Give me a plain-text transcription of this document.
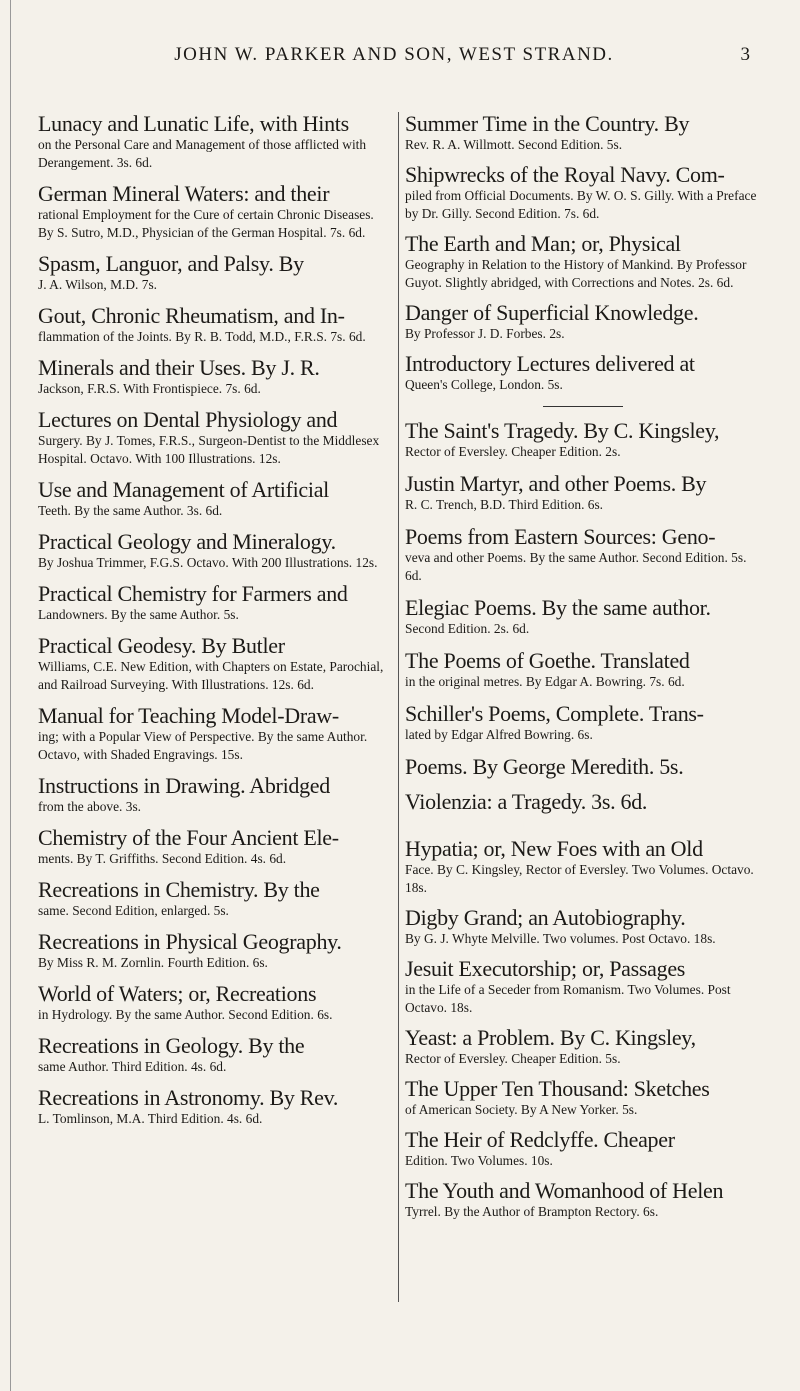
JOHN W. PARKER AND SON, WEST STRAND.	3
Lunacy and Lunatic Life, with Hints
on the Personal Care and Management of those afflicted with Derangement. 3s. 6d.
German Mineral Waters: and their
rational Employment for the Cure of certain Chronic Diseases. By S. Sutro, M.D., Physician of the German Hospital. 7s. 6d.
Spasm, Languor, and Palsy. By
J. A. Wilson, M.D. 7s.
Gout, Chronic Rheumatism, and In-
flammation of the Joints. By R. B. Todd, M.D., F.R.S. 7s. 6d.
Minerals and their Uses. By J. R.
Jackson, F.R.S. With Frontispiece. 7s. 6d.
Lectures on Dental Physiology and
Surgery. By J. Tomes, F.R.S., Surgeon-Dentist to the Middlesex Hospital. Octavo. With 100 Illustrations. 12s.
Use and Management of Artificial
Teeth. By the same Author. 3s. 6d.
Practical Geology and Mineralogy.
By Joshua Trimmer, F.G.S. Octavo. With 200 Illustrations. 12s.
Practical Chemistry for Farmers and
Landowners. By the same Author. 5s.
Practical Geodesy. By Butler
Williams, C.E. New Edition, with Chapters on Estate, Parochial, and Railroad Surveying. With Illustrations. 12s. 6d.
Manual for Teaching Model-Draw-
ing; with a Popular View of Perspective. By the same Author. Octavo, with Shaded Engravings. 15s.
Instructions in Drawing. Abridged
from the above. 3s.
Chemistry of the Four Ancient Ele-
ments. By T. Griffiths. Second Edition. 4s. 6d.
Recreations in Chemistry. By the
same. Second Edition, enlarged. 5s.
Recreations in Physical Geography.
By Miss R. M. Zornlin. Fourth Edition. 6s.
World of Waters; or, Recreations
in Hydrology. By the same Author. Second Edition. 6s.
Recreations in Geology. By the
same Author. Third Edition. 4s. 6d.
Recreations in Astronomy. By Rev.
L. Tomlinson, M.A. Third Edition. 4s. 6d.
Summer Time in the Country. By
Rev. R. A. Willmott. Second Edition. 5s.
Shipwrecks of the Royal Navy. Com-
piled from Official Documents. By W. O. S. Gilly. With a Preface by Dr. Gilly. Second Edition. 7s. 6d.
The Earth and Man; or, Physical
Geography in Relation to the History of Mankind. By Professor Guyot. Slightly abridged, with Corrections and Notes. 2s. 6d.
Danger of Superficial Knowledge.
By Professor J. D. Forbes. 2s.
Introductory Lectures delivered at
Queen's College, London. 5s.
The Saint's Tragedy. By C. Kingsley,
Rector of Eversley. Cheaper Edition. 2s.
Justin Martyr, and other Poems. By
R. C. Trench, B.D. Third Edition. 6s.
Poems from Eastern Sources: Geno-
veva and other Poems. By the same Author. Second Edition. 5s. 6d.
Elegiac Poems. By the same author.
Second Edition. 2s. 6d.
The Poems of Goethe. Translated
in the original metres. By Edgar A. Bowring. 7s. 6d.
Schiller's Poems, Complete. Trans-
lated by Edgar Alfred Bowring. 6s.
Poems. By George Meredith. 5s.
Violenzia: a Tragedy. 3s. 6d.
Hypatia; or, New Foes with an Old
Face. By C. Kingsley, Rector of Eversley. Two Volumes. Octavo. 18s.
Digby Grand; an Autobiography.
By G. J. Whyte Melville. Two volumes. Post Octavo. 18s.
Jesuit Executorship; or, Passages
in the Life of a Seceder from Romanism. Two Volumes. Post Octavo. 18s.
Yeast: a Problem. By C. Kingsley,
Rector of Eversley. Cheaper Edition. 5s.
The Upper Ten Thousand: Sketches
of American Society. By A New Yorker. 5s.
The Heir of Redclyffe. Cheaper
Edition. Two Volumes. 10s.
The Youth and Womanhood of Helen
Tyrrel. By the Author of Brampton Rectory. 6s.
